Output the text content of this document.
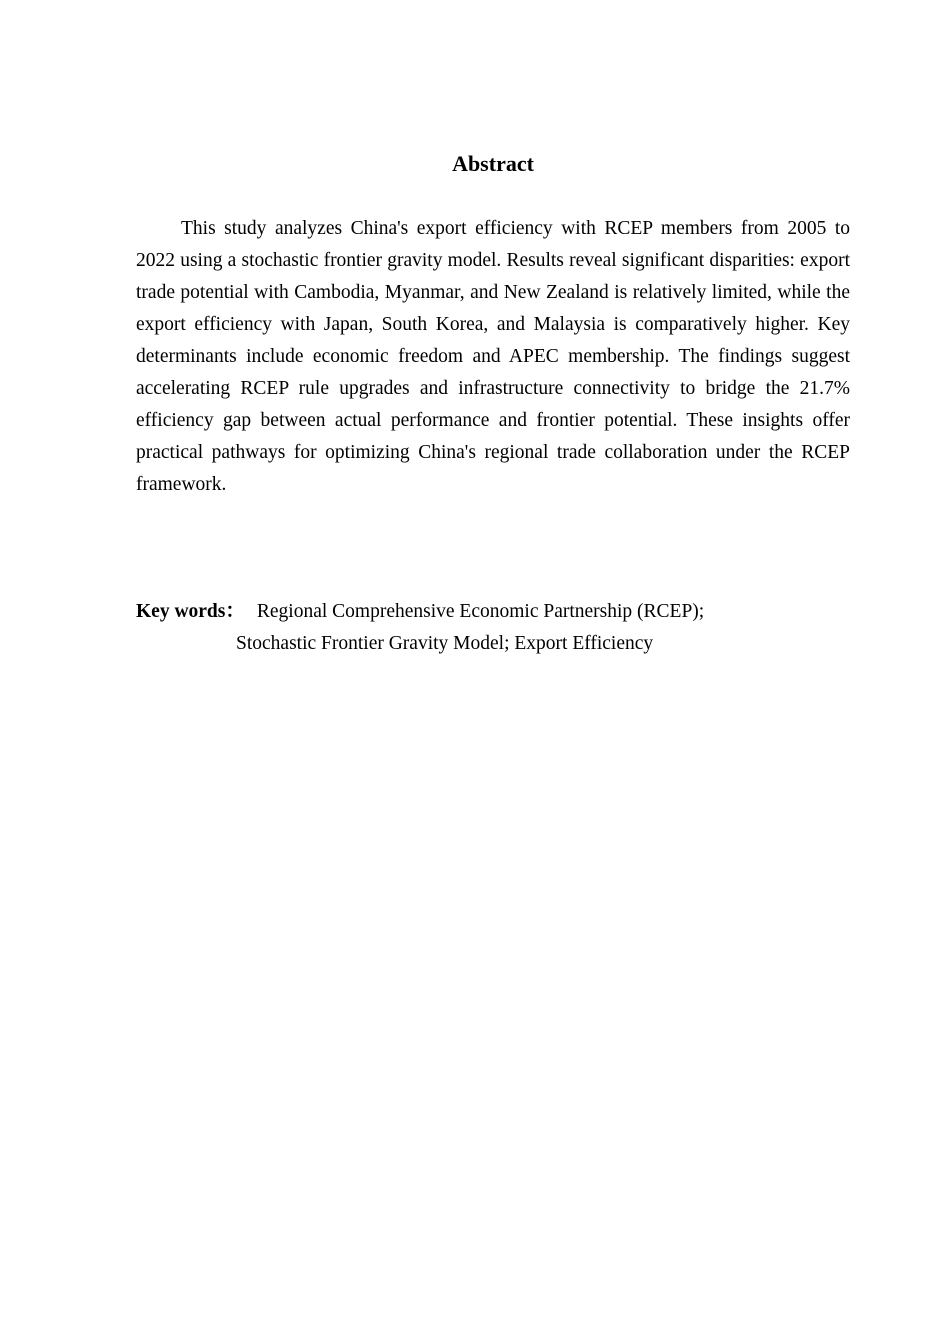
Abstract

This study analyzes China's export efficiency with RCEP members from 2005 to 2022 using a stochastic frontier gravity model. Results reveal significant disparities: export trade potential with Cambodia, Myanmar, and New Zealand is relatively limited, while the export efficiency with Japan, South Korea, and Malaysia is comparatively higher. Key determinants include economic freedom and APEC membership. The findings suggest accelerating RCEP rule upgrades and infrastructure connectivity to bridge the 21.7% efficiency gap between actual performance and frontier potential. These insights offer practical pathways for optimizing China's regional trade collaboration under the RCEP framework.

Key words： Regional Comprehensive Economic Partnership (RCEP);
Stochastic Frontier Gravity Model; Export Efficiency
